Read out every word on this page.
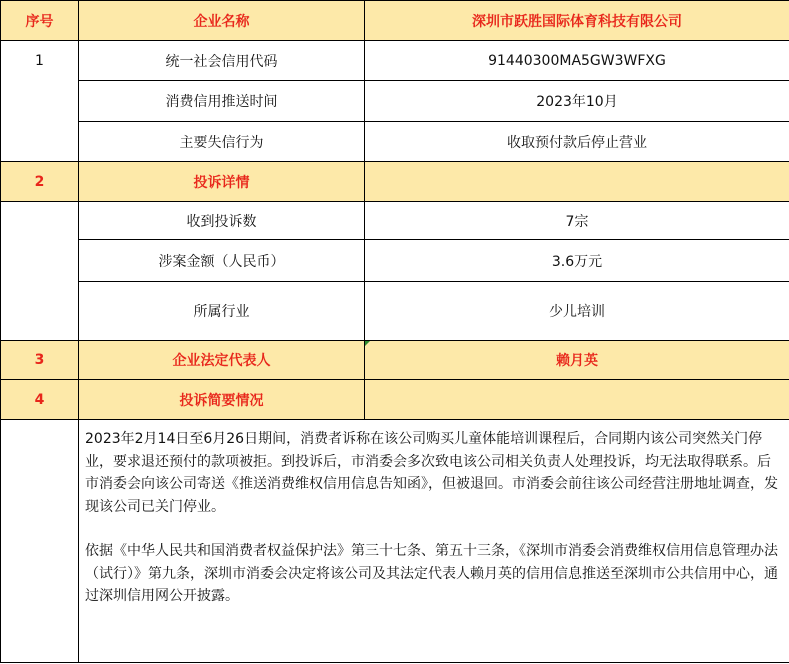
序号	企业名称	深圳市跃胜国际体育科技有限公司
1	统一社会信用代码	91440300MA5GW3WFXG
	消费信用推送时间	2023年10月
	主要失信行为	收取预付款后停止营业
2	投诉详情	
	收到投诉数	7宗
	涉案金额（人民币）	3.6万元
	所属行业	少儿培训
3	企业法定代表人	赖月英
4	投诉简要情况	

	2023年2月14日至6月26日期间，消费者诉称在该公司购买儿童体能培训课程后，合同期内该公司突然关门停业，要求退还预付的款项被拒。到投诉后，市消委会多次致电该公司相关负责人处理投诉，均无法取得联系。后市消委会向该公司寄送《推送消费维权信用信息告知函》，但被退回。市消委会前往该公司经营注册地址调查，发现该公司已关门停业。

依据《中华人民共和国消费者权益保护法》第三十七条、第五十三条，《深圳市消委会消费维权信用信息管理办法（试行）》第九条，深圳市消委会决定将该公司及其法定代表人赖月英的信用信息推送至深圳市公共信用中心，通过深圳信用网公开披露。	
